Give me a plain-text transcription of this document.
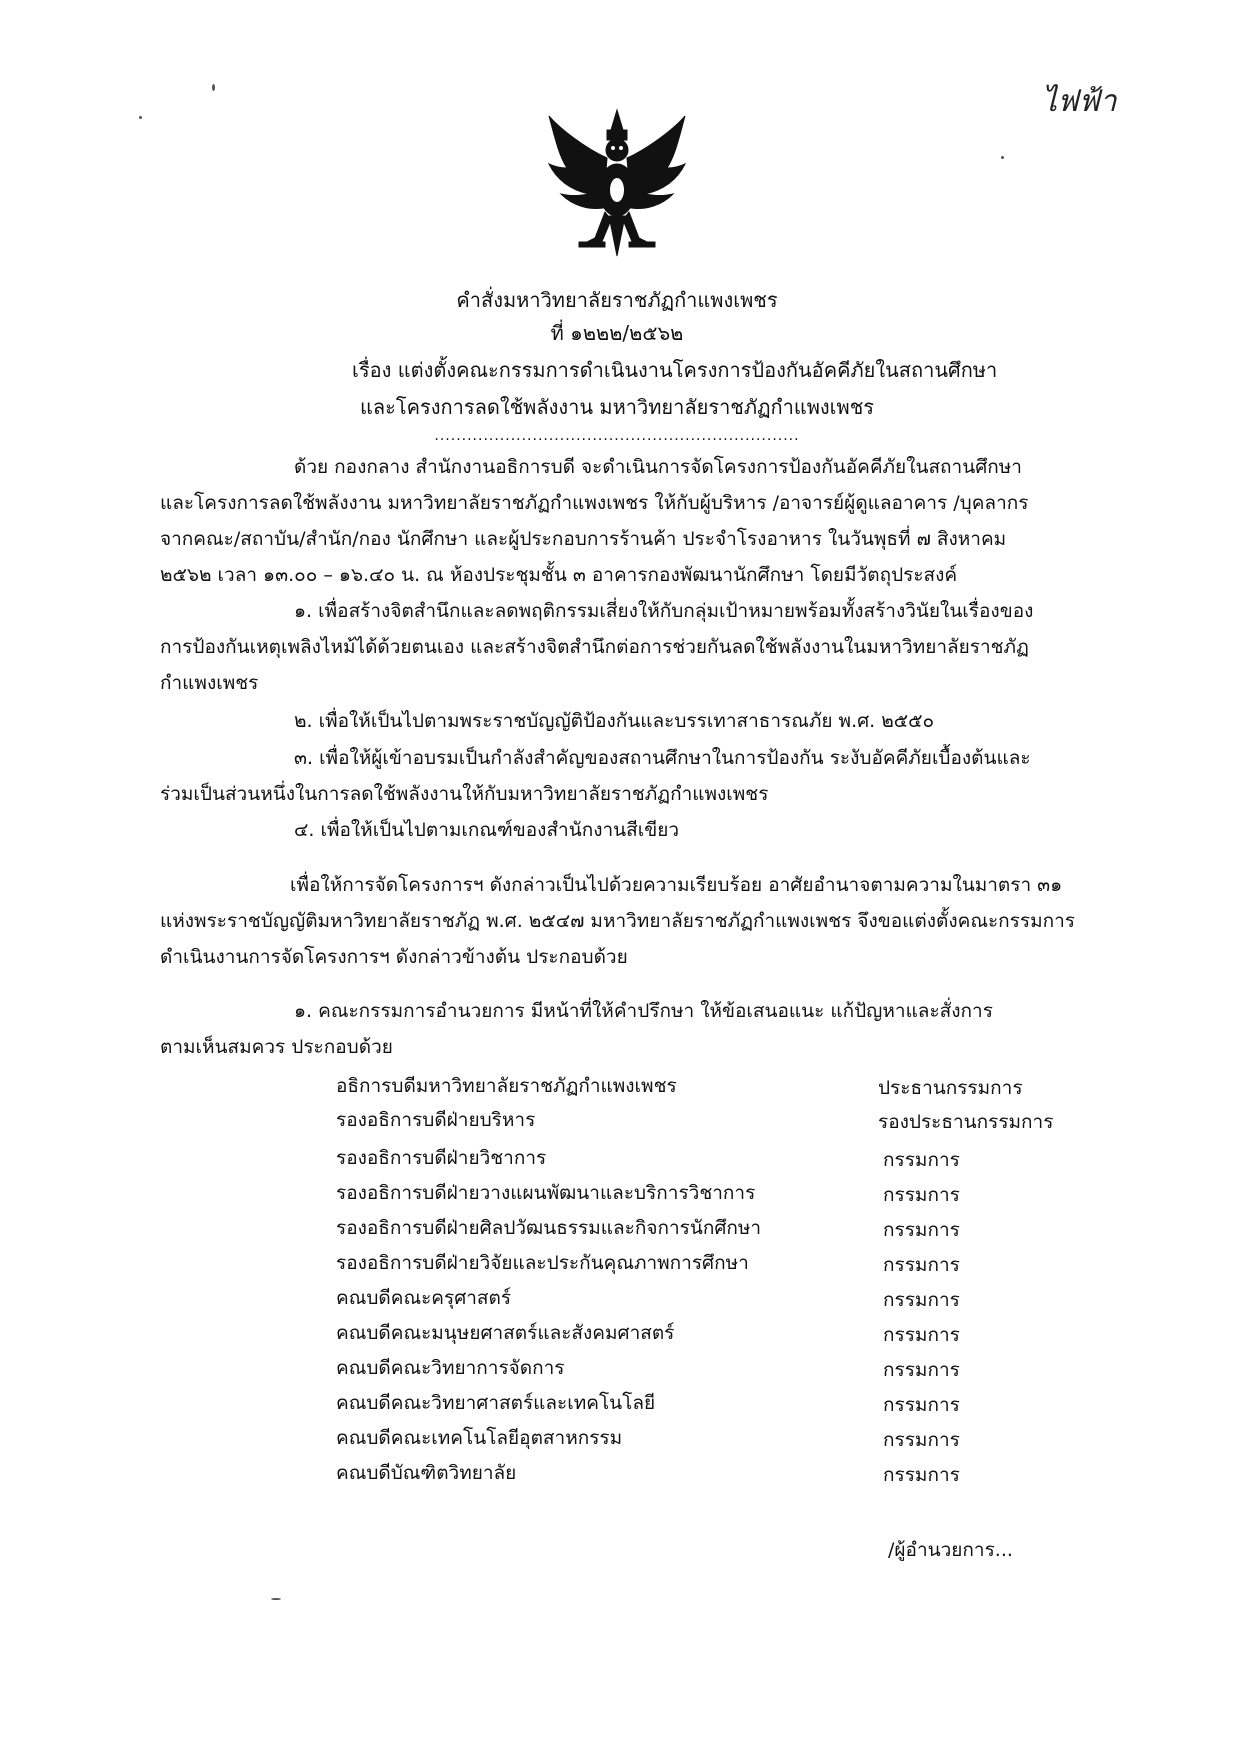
ไฟฟ้า
คำสั่งมหาวิทยาลัยราชภัฏกำแพงเพชร
ที่ ๑๒๒๒/๒๕๖๒
เรื่อง แต่งตั้งคณะกรรมการดำเนินงานโครงการป้องกันอัคคีภัยในสถานศึกษา
และโครงการลดใช้พลังงาน มหาวิทยาลัยราชภัฏกำแพงเพชร
...................................................................
ด้วย กองกลาง สำนักงานอธิการบดี จะดำเนินการจัดโครงการป้องกันอัคคีภัยในสถานศึกษา
และโครงการลดใช้พลังงาน มหาวิทยาลัยราชภัฏกำแพงเพชร ให้กับผู้บริหาร /อาจารย์ผู้ดูแลอาคาร /บุคลากร
จากคณะ/สถาบัน/สำนัก/กอง นักศึกษา และผู้ประกอบการร้านค้า ประจำโรงอาหาร ในวันพุธที่ ๗ สิงหาคม
๒๕๖๒ เวลา ๑๓.๐๐ – ๑๖.๔๐ น. ณ ห้องประชุมชั้น ๓ อาคารกองพัฒนานักศึกษา โดยมีวัตถุประสงค์
๑. เพื่อสร้างจิตสำนึกและลดพฤติกรรมเสี่ยงให้กับกลุ่มเป้าหมายพร้อมทั้งสร้างวินัยในเรื่องของ
การป้องกันเหตุเพลิงไหม้ได้ด้วยตนเอง และสร้างจิตสำนึกต่อการช่วยกันลดใช้พลังงานในมหาวิทยาลัยราชภัฏ
กำแพงเพชร
๒. เพื่อให้เป็นไปตามพระราชบัญญัติป้องกันและบรรเทาสาธารณภัย พ.ศ. ๒๕๕๐
๓. เพื่อให้ผู้เข้าอบรมเป็นกำลังสำคัญของสถานศึกษาในการป้องกัน ระงับอัคคีภัยเบื้องต้นและ
ร่วมเป็นส่วนหนึ่งในการลดใช้พลังงานให้กับมหาวิทยาลัยราชภัฏกำแพงเพชร
๔. เพื่อให้เป็นไปตามเกณฑ์ของสำนักงานสีเขียว
เพื่อให้การจัดโครงการฯ ดังกล่าวเป็นไปด้วยความเรียบร้อย อาศัยอำนาจตามความในมาตรา ๓๑
แห่งพระราชบัญญัติมหาวิทยาลัยราชภัฏ พ.ศ. ๒๕๔๗ มหาวิทยาลัยราชภัฏกำแพงเพชร จึงขอแต่งตั้งคณะกรรมการ
ดำเนินงานการจัดโครงการฯ ดังกล่าวข้างต้น ประกอบด้วย
๑. คณะกรรมการอำนวยการ มีหน้าที่ให้คำปรึกษา ให้ข้อเสนอแนะ แก้ปัญหาและสั่งการ
ตามเห็นสมควร ประกอบด้วย
อธิการบดีมหาวิทยาลัยราชภัฏกำแพงเพชร	ประธานกรรมการ
รองอธิการบดีฝ่ายบริหาร	รองประธานกรรมการ
รองอธิการบดีฝ่ายวิชาการ	กรรมการ
รองอธิการบดีฝ่ายวางแผนพัฒนาและบริการวิชาการ	กรรมการ
รองอธิการบดีฝ่ายศิลปวัฒนธรรมและกิจการนักศึกษา	กรรมการ
รองอธิการบดีฝ่ายวิจัยและประกันคุณภาพการศึกษา	กรรมการ
คณบดีคณะครุศาสตร์	กรรมการ
คณบดีคณะมนุษยศาสตร์และสังคมศาสตร์	กรรมการ
คณบดีคณะวิทยาการจัดการ	กรรมการ
คณบดีคณะวิทยาศาสตร์และเทคโนโลยี	กรรมการ
คณบดีคณะเทคโนโลยีอุตสาหกรรม	กรรมการ
คณบดีบัณฑิตวิทยาลัย	กรรมการ
/ผู้อำนวยการ...
